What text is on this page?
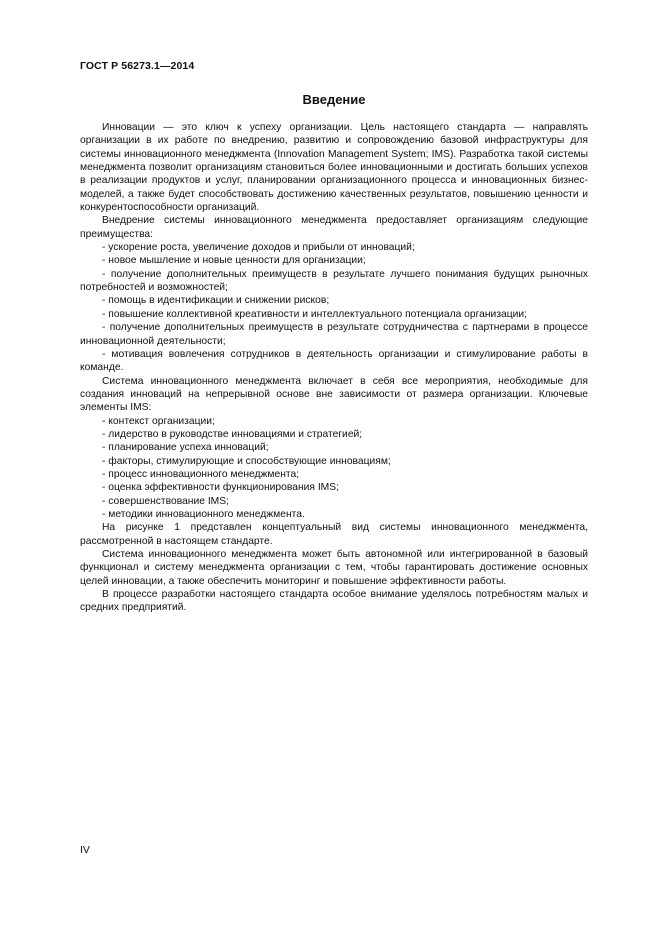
ГОСТ Р 56273.1—2014
Введение

Инновации — это ключ к успеху организации. Цель настоящего стандарта — направлять организации в их работе по внедрению, развитию и сопровождению базовой инфраструктуры для системы инновационного менеджмента (Innovation Management System; IMS). Разработка такой системы менеджмента позволит организациям становиться более инновационными и достигать больших успехов в реализации продуктов и услуг, планировании организационного процесса и инновационных бизнес-моделей, а также будет способствовать достижению качественных результатов, повышению ценности и конкурентоспособности организаций.

Внедрение системы инновационного менеджмента предоставляет организациям следующие преимущества:

- ускорение роста, увеличение доходов и прибыли от инноваций;
- новое мышление и новые ценности для организации;
- получение дополнительных преимуществ в результате лучшего понимания будущих рыночных потребностей и возможностей;
- помощь в идентификации и снижении рисков;
- повышение коллективной креативности и интеллектуального потенциала организации;
- получение дополнительных преимуществ в результате сотрудничества с партнерами в процессе инновационной деятельности;
- мотивация вовлечения сотрудников в деятельность организации и стимулирование работы в команде.

Система инновационного менеджмента включает в себя все мероприятия, необходимые для создания инноваций на непрерывной основе вне зависимости от размера организации. Ключевые элементы IMS:

- контекст организации;
- лидерство в руководстве инновациями и стратегией;
- планирование успеха инноваций;
- факторы, стимулирующие и способствующие инновациям;
- процесс инновационного менеджмента;
- оценка эффективности функционирования IMS;
- совершенствование IMS;
- методики инновационного менеджмента.

На рисунке 1 представлен концептуальный вид системы инновационного менеджмента, рассмотренной в настоящем стандарте.

Система инновационного менеджмента может быть автономной или интегрированной в базовый функционал и систему менеджмента организации с тем, чтобы гарантировать достижение основных целей инновации, а также обеспечить мониторинг и повышение эффективности работы.

В процессе разработки настоящего стандарта особое внимание уделялось потребностям малых и средних предприятий.

IV
